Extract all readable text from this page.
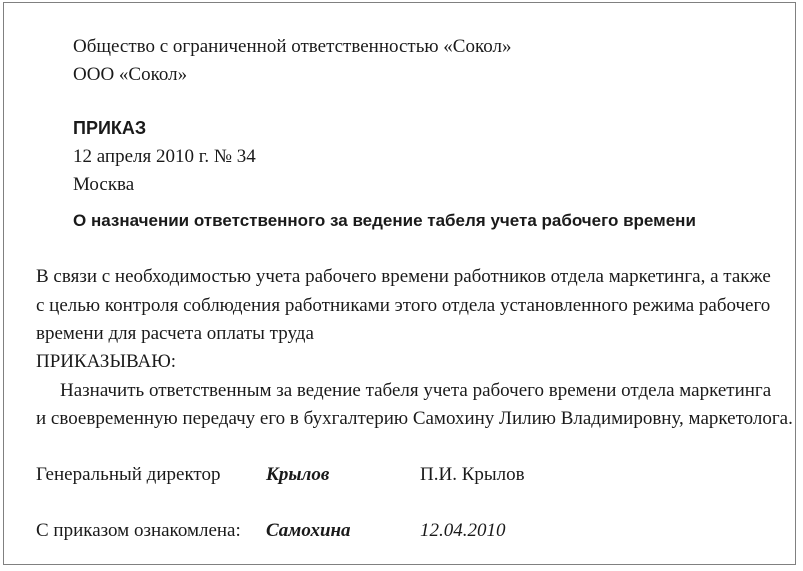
Общество с ограниченной ответственностью «Сокол»
ООО «Сокол»
ПРИКАЗ
12 апреля 2010 г. № 34
Москва
О назначении ответственного за ведение табеля учета рабочего времени
В связи с необходимостью учета рабочего времени работников отдела маркетинга, а также
с целью контроля соблюдения работниками этого отдела установленного режима рабочего
времени для расчета оплаты труда
ПРИКАЗЫВАЮ:
Назначить ответственным за ведение табеля учета рабочего времени отдела маркетинга
и своевременную передачу его в бухгалтерию Самохину Лилию Владимировну, маркетолога.
Генеральный директор Крылов	П.И. Крылов
С приказом ознакомлена: Самохина	12.04.2010
